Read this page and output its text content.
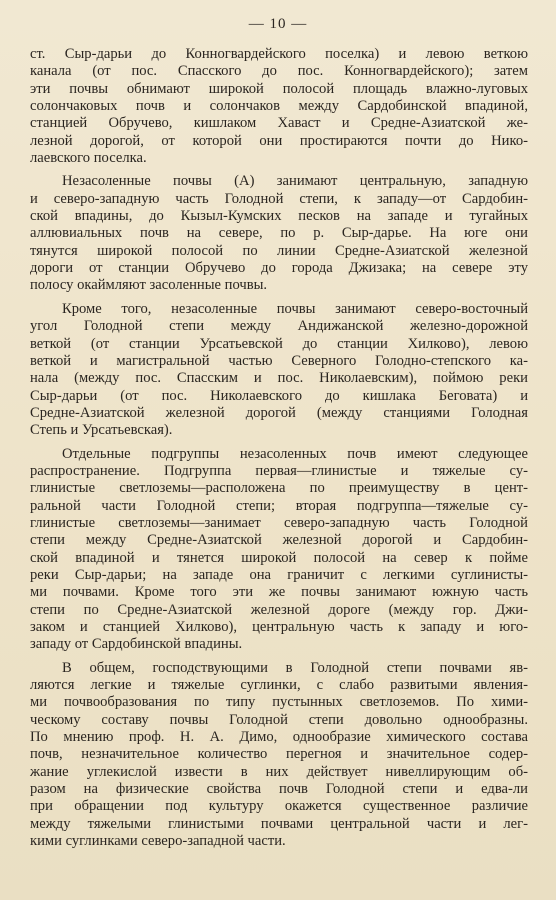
— 10 —
ст. Сыр-дарьи до Конногвардейского поселка) и левою веткою
канала (от пос. Спасского до пос. Конногвардейского); затем
эти почвы обнимают широкой полосой площадь влажно-луговых
солончаковых почв и солончаков между Сардобинской впадиной,
станцией Обручево, кишлаком Хаваст и Средне-Азиатской же-
лезной дорогой, от которой они простираются почти до Нико-
лаевского поселка.
Незасоленные почвы (А) занимают центральную, западную
и северо-западную часть Голодной степи, к западу—от Сардобин-
ской впадины, до Кызыл-Кумских песков на западе и тугайных
аллювиальных почв на севере, по р. Сыр-дарье. На юге они
тянутся широкой полосой по линии Средне-Азиатской железной
дороги от станции Обручево до города Джизака; на севере эту
полосу окаймляют засоленные почвы.
Кроме того, незасоленные почвы занимают северо-восточный
угол Голодной степи между Андижанской железно-дорожной
веткой (от станции Урсатьевской до станции Хилково), левою
веткой и магистральной частью Северного Голодно-степского ка-
нала (между пос. Спасским и пос. Николаевским), поймою реки
Сыр-дарьи (от пос. Николаевского до кишлака Беговата) и
Средне-Азиатской железной дорогой (между станциями Голодная
Степь и Урсатьевская).
Отдельные подгруппы незасоленных почв имеют следующее
распространение. Подгруппа первая—глинистые и тяжелые су-
глинистые светлоземы—расположена по преимуществу в цент-
ральной части Голодной степи; вторая подгруппа—тяжелые су-
глинистые светлоземы—занимает северо-западную часть Голодной
степи между Средне-Азиатской железной дорогой и Сардобин-
ской впадиной и тянется широкой полосой на север к пойме
реки Сыр-дарьи; на западе она граничит с легкими суглинисты-
ми почвами. Кроме того эти же почвы занимают южную часть
степи по Средне-Азиатской железной дороге (между гор. Джи-
заком и станцией Хилково), центральную часть к западу и юго-
западу от Сардобинской впадины.
В общем, господствующими в Голодной степи почвами яв-
ляются легкие и тяжелые суглинки, с слабо развитыми явления-
ми почвообразования по типу пустынных светлоземов. По хими-
ческому составу почвы Голодной степи довольно однообразны.
По мнению проф. Н. А. Димо, однообразие химического состава
почв, незначительное количество перегноя и значительное содер-
жание углекислой извести в них действует нивеллирующим об-
разом на физические свойства почв Голодной степи и едва-ли
при обращении под культуру окажется существенное различие
между тяжелыми глинистыми почвами центральной части и лег-
кими суглинками северо-западной части.
